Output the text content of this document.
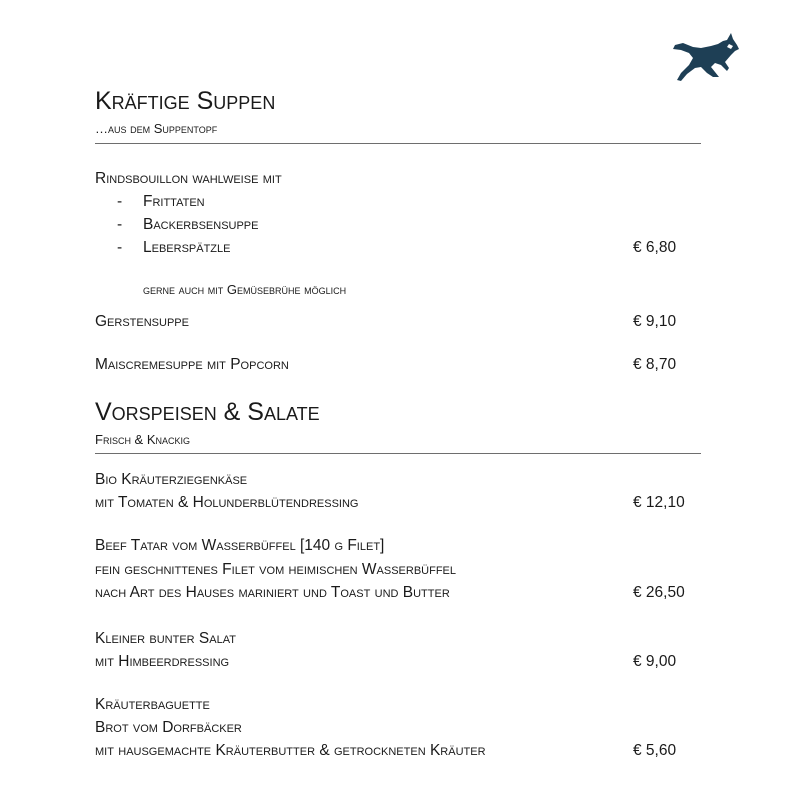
Kräftige Suppen
…aus dem Suppentopf
Rindsbouillon wahlweise mit
- Frittaten
- Backerbsensuppe
- Leberspätzle	€ 6,80
gerne auch mit Gemüsebrühe möglich
Gerstensuppe	€ 9,10
Maiscremesuppe mit Popcorn	€ 8,70
Vorspeisen & Salate
Frisch & Knackig
Bio Kräuterziegenkäse
mit Tomaten & Holunderblütendressing	€ 12,10
Beef Tatar vom Wasserbüffel [140 g Filet]
fein geschnittenes Filet vom heimischen Wasserbüffel
nach Art des Hauses mariniert und Toast und Butter	€ 26,50
Kleiner bunter Salat
mit Himbeerdressing	€ 9,00
Kräuterbaguette
Brot vom Dorfbäcker
mit hausgemachte Kräuterbutter & getrockneten Kräuter	€ 5,60
